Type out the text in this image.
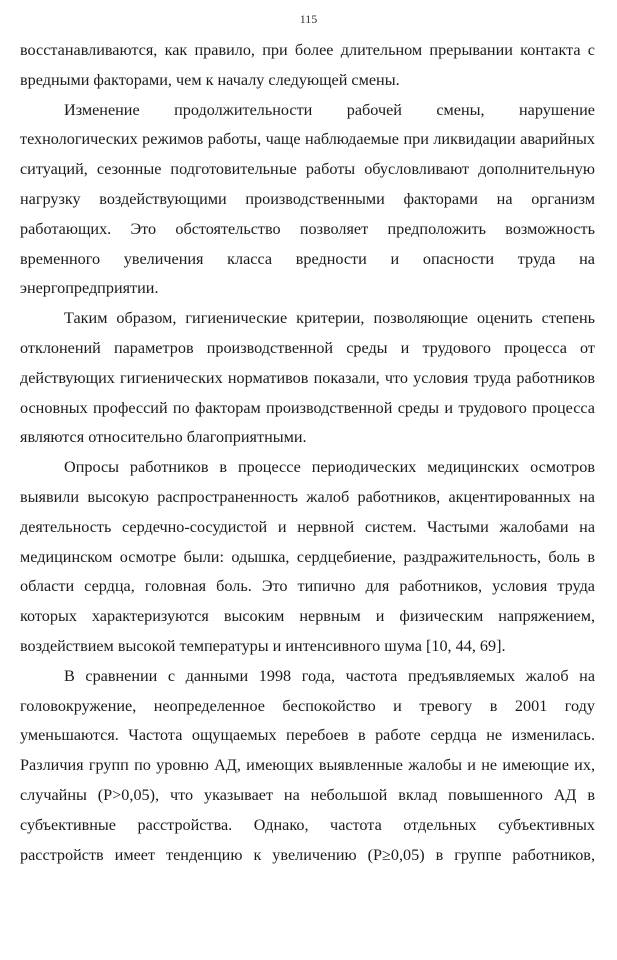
115

восстанавливаются, как правило, при более длительном прерывании контакта с вредными факторами, чем к началу следующей смены.

Изменение продолжительности рабочей смены, нарушение технологических режимов работы, чаще наблюдаемые при ликвидации аварийных ситуаций, сезонные подготовительные работы обусловливают дополнительную нагрузку воздействующими производственными факторами на организм работающих. Это обстоятельство позволяет предположить возможность временного увеличения класса вредности и опасности труда на энергопредприятии.

Таким образом, гигиенические критерии, позволяющие оценить степень отклонений параметров производственной среды и трудового процесса от действующих гигиенических нормативов показали, что условия труда работников основных профессий по факторам производственной среды и трудового процесса являются относительно благоприятными.

Опросы работников в процессе периодических медицинских осмотров выявили высокую распространенность жалоб работников, акцентированных на деятельность сердечно-сосудистой и нервной систем. Частыми жалобами на медицинском осмотре были: одышка, сердцебиение, раздражительность, боль в области сердца, головная боль. Это типично для работников, условия труда которых характеризуются высоким нервным и физическим напряжением, воздействием высокой температуры и интенсивного шума [10, 44, 69].

В сравнении с данными 1998 года, частота предъявляемых жалоб на головокружение, неопределенное беспокойство и тревогу в 2001 году уменьшаются. Частота ощущаемых перебоев в работе сердца не изменилась. Различия групп по уровню АД, имеющих выявленные жалобы и не имеющие их, случайны (Р>0,05), что указывает на небольшой вклад повышенного АД в субъективные расстройства. Однако, частота отдельных субъективных расстройств имеет тенденцию к увеличению (Р≥0,05) в группе работников,
